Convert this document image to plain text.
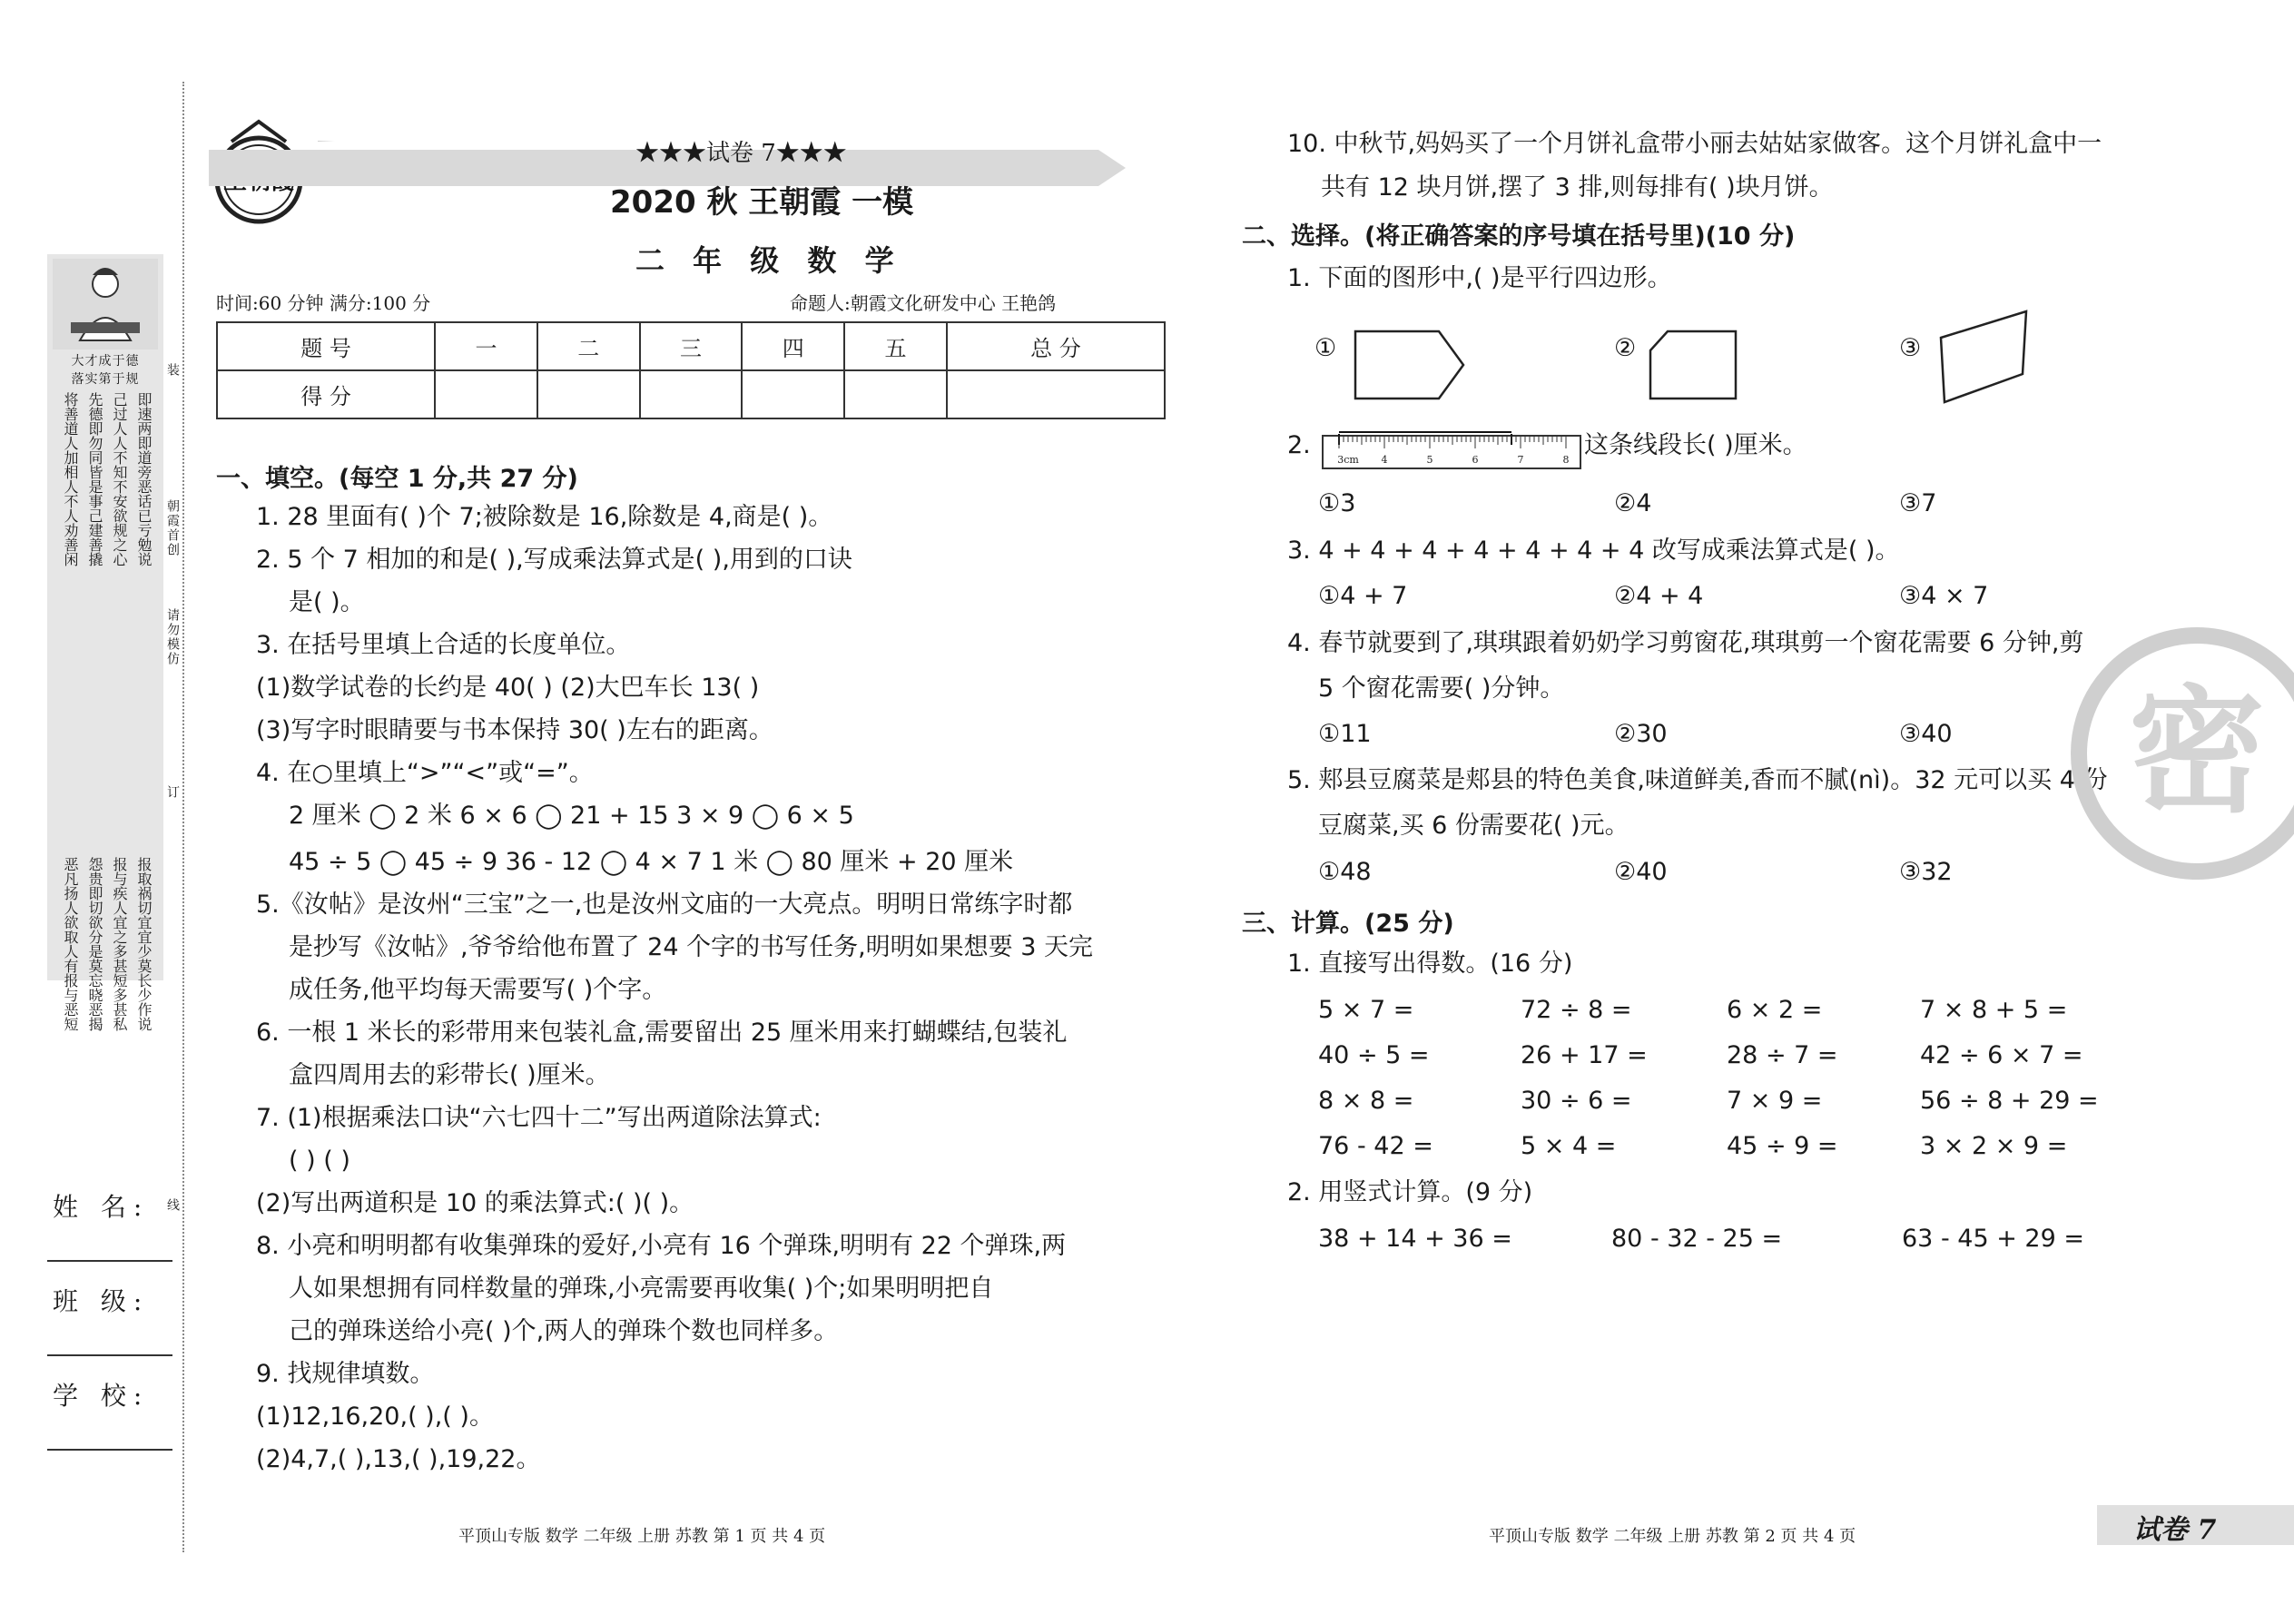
大才成于德
落实第于规
将善道人加相人不人劝善闲 先德即勿同皆是事己建善撬 己过人人不知不安欲规之心 即速两即道旁恶话已亏勉说
恶凡扬人欲取人有报与恶短 怨贵即切欲分是莫忘晓恶揭 报与疾人宜之多甚短多甚私 报取祸切宜宜少莫长少作说
装
朝霞首创
请勿模仿
订
线
姓 名:
班 级:
学 校:
★★★试卷 7★★★
2020 秋 王朝霞 一模
二 年 级 数 学
时间:60 分钟 满分:100 分	命题人:朝霞文化研发中心 王艳鸽
题 号	一	二	三	四	五	总 分
得 分						
一、填空。(每空 1 分,共 27 分)
1. 28 里面有( )个 7;被除数是 16,除数是 4,商是( )。
2. 5 个 7 相加的和是( ),写成乘法算式是( ),用到的口诀
是( )。
3. 在括号里填上合适的长度单位。
(1)数学试卷的长约是 40( ) (2)大巴车长 13( )
(3)写字时眼睛要与书本保持 30( )左右的距离。
4. 在○里填上“>”“<”或“=”。
2 厘米 ◯ 2 米 6 × 6 ◯ 21 + 15 3 × 9 ◯ 6 × 5
45 ÷ 5 ◯ 45 ÷ 9 36 - 12 ◯ 4 × 7 1 米 ◯ 80 厘米 + 20 厘米
5.《汝帖》是汝州“三宝”之一,也是汝州文庙的一大亮点。明明日常练字时都
是抄写《汝帖》,爷爷给他布置了 24 个字的书写任务,明明如果想要 3 天完
成任务,他平均每天需要写( )个字。
6. 一根 1 米长的彩带用来包装礼盒,需要留出 25 厘米用来打蝴蝶结,包装礼
盒四周用去的彩带长( )厘米。
7. (1)根据乘法口诀“六七四十二”写出两道除法算式:
( ) ( )
(2)写出两道积是 10 的乘法算式:( )( )。
8. 小亮和明明都有收集弹珠的爱好,小亮有 16 个弹珠,明明有 22 个弹珠,两
人如果想拥有同样数量的弹珠,小亮需要再收集( )个;如果明明把自
己的弹珠送给小亮( )个,两人的弹珠个数也同样多。
9. 找规律填数。
(1)12,16,20,( ),( )。
(2)4,7,( ),13,( ),19,22。
10. 中秋节,妈妈买了一个月饼礼盒带小丽去姑姑家做客。这个月饼礼盒中一
共有 12 块月饼,摆了 3 排,则每排有( )块月饼。
二、选择。(将正确答案的序号填在括号里)(10 分)
1. 下面的图形中,( )是平行四边形。
①	②	③
2.
3cm 4	5	6	7	8
这条线段长( )厘米。
①3	②4	③7
3. 4 + 4 + 4 + 4 + 4 + 4 + 4 改写成乘法算式是( )。
①4 + 7	②4 + 4	③4 × 7
4. 春节就要到了,琪琪跟着奶奶学习剪窗花,琪琪剪一个窗花需要 6 分钟,剪
5 个窗花需要( )分钟。
①11	②30	③40
5. 郏县豆腐菜是郏县的特色美食,味道鲜美,香而不腻(nì)。32 元可以买 4 份
豆腐菜,买 6 份需要花( )元。
①48	②40	③32
三、计算。(25 分)
1. 直接写出得数。(16 分)
5 × 7 =	72 ÷ 8 =	6 × 2 =	7 × 8 + 5 =
40 ÷ 5 =	26 + 17 =	28 ÷ 7 =	42 ÷ 6 × 7 =
8 × 8 =	30 ÷ 6 =	7 × 9 =	56 ÷ 8 + 29 =
76 - 42 =	5 × 4 =	45 ÷ 9 =	3 × 2 × 9 =
2. 用竖式计算。(9 分)
38 + 14 + 36 =	80 - 32 - 25 =	63 - 45 + 29 =
密
平顶山专版 数学 二年级 上册 苏教 第 1 页 共 4 页	平顶山专版 数学 二年级 上册 苏教 第 2 页 共 4 页	试卷 7
